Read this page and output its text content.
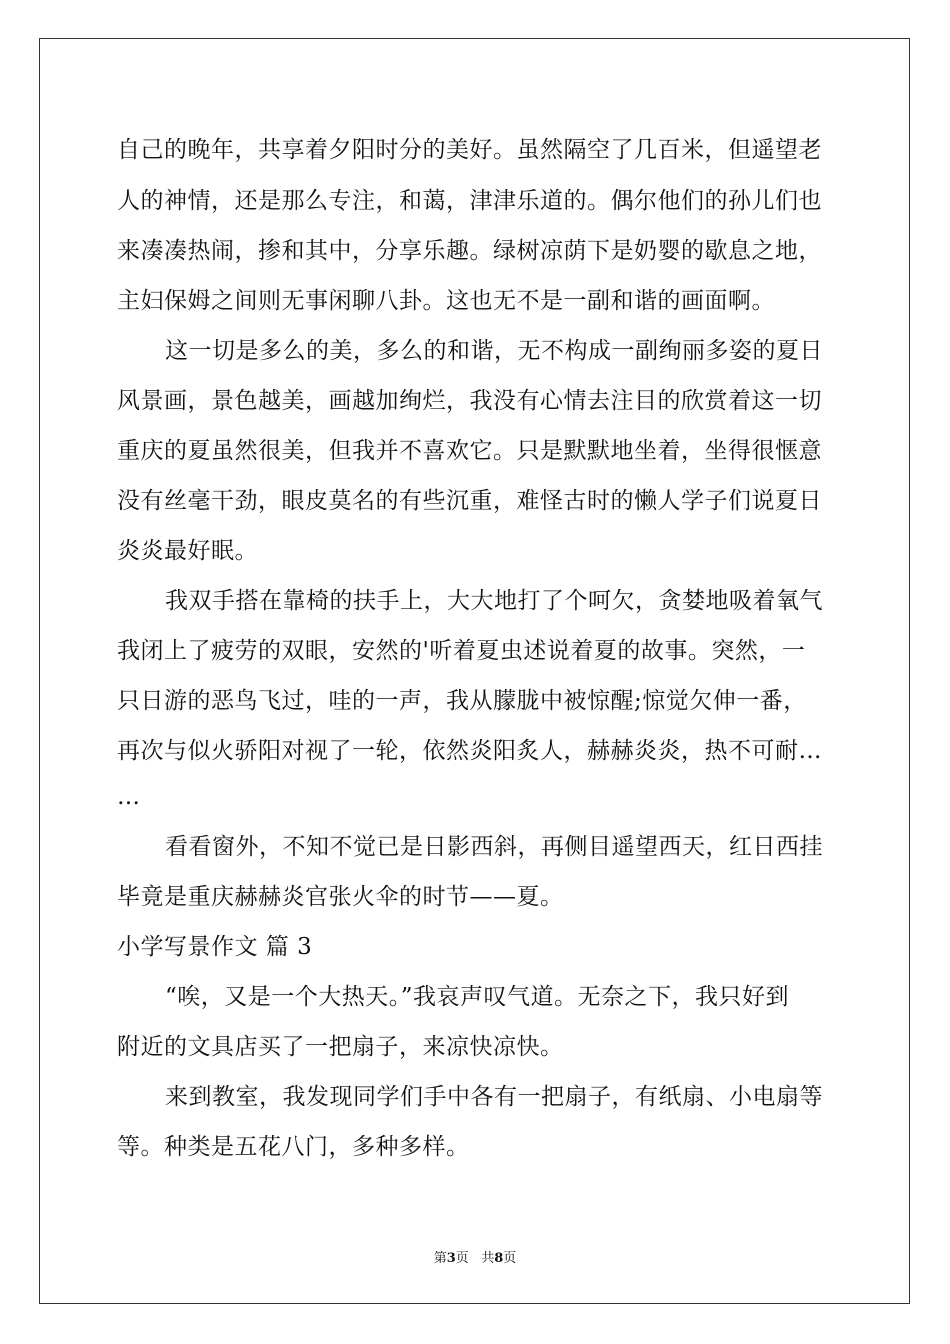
自己的晚年，共享着夕阳时分的美好。虽然隔空了几百米，但遥望老

人的神情，还是那么专注，和蔼，津津乐道的。偶尔他们的孙儿们也

来凑凑热闹，掺和其中，分享乐趣。绿树凉荫下是奶婴的歇息之地，

主妇保姆之间则无事闲聊八卦。这也无不是一副和谐的画面啊。

这一切是多么的美，多么的和谐，无不构成一副绚丽多姿的夏日

风景画，景色越美，画越加绚烂，我没有心情去注目的欣赏着这一切

重庆的夏虽然很美，但我并不喜欢它。只是默默地坐着，坐得很惬意

没有丝毫干劲，眼皮莫名的有些沉重，难怪古时的懒人学子们说夏日

炎炎最好眠。

我双手搭在靠椅的扶手上，大大地打了个呵欠，贪婪地吸着氧气

我闭上了疲劳的双眼，安然的'听着夏虫述说着夏的故事。突然，一

只日游的恶鸟飞过，哇的一声，我从朦胧中被惊醒;惊觉欠伸一番，

再次与似火骄阳对视了一轮，依然炎阳炙人，赫赫炎炎，热不可耐…

…

看看窗外，不知不觉已是日影西斜，再侧目遥望西天，红日西挂

毕竟是重庆赫赫炎官张火伞的时节——夏。

小学写景作文 篇 3

“唉，又是一个大热天。”我哀声叹气道。无奈之下，我只好到

附近的文具店买了一把扇子，来凉快凉快。

来到教室，我发现同学们手中各有一把扇子，有纸扇、小电扇等

等。种类是五花八门，多种多样。

第3页 共8页
